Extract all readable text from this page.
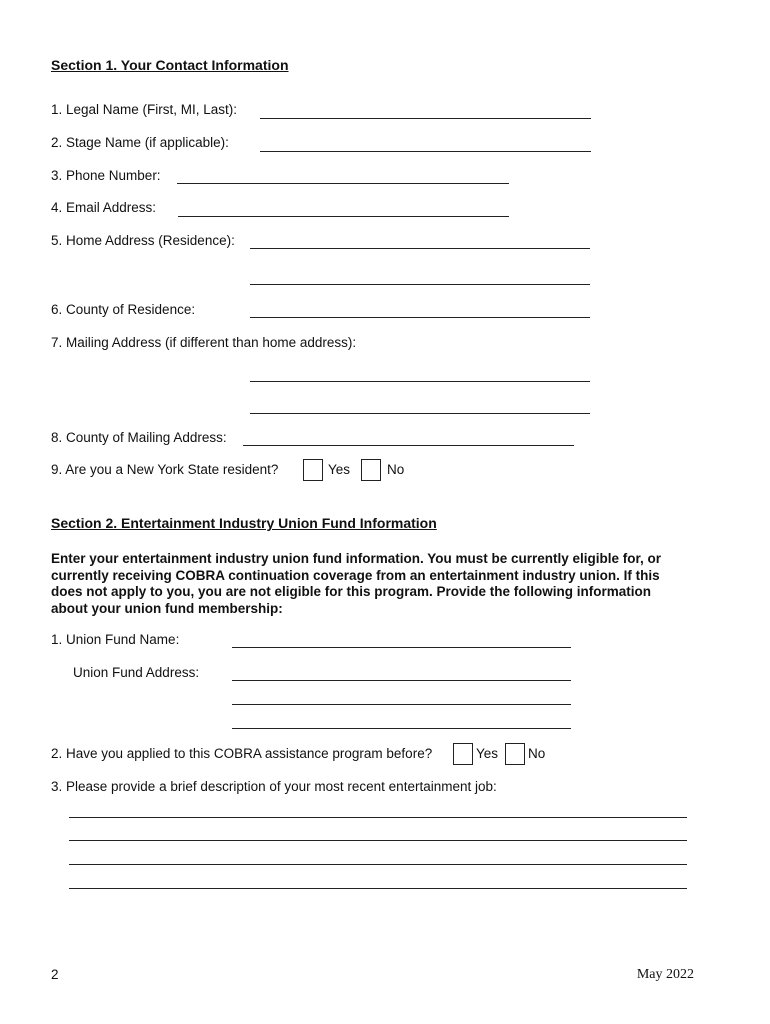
Section 1. Your Contact Information
1. Legal Name (First, MI, Last):
2. Stage Name (if applicable):
3. Phone Number:
4. Email Address:
5. Home Address (Residence):
6. County of Residence:
7. Mailing Address (if different than home address):
8. County of Mailing Address:
9. Are you a New York State resident?	Yes	No
Section 2. Entertainment Industry Union Fund Information
Enter your entertainment industry union fund information. You must be currently eligible for, or currently receiving COBRA continuation coverage from an entertainment industry union. If this does not apply to you, you are not eligible for this program. Provide the following information about your union fund membership:
1. Union Fund Name:
Union Fund Address:
2. Have you applied to this COBRA assistance program before?	Yes No
3. Please provide a brief description of your most recent entertainment job:
2	May 2022
